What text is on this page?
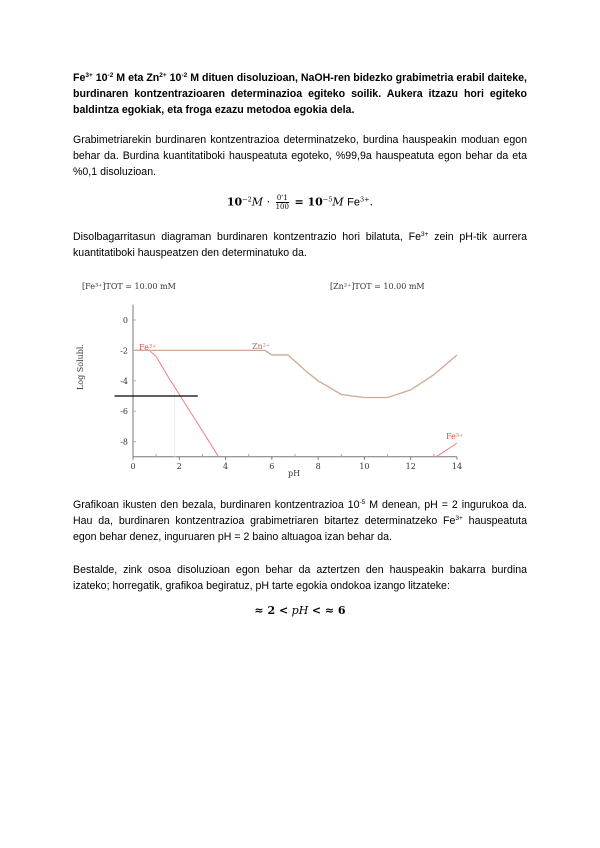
$Fe^{3+}$ $10^{-2}$ M eta $Zn^{2+}$ $10^{-2}$ M dituen disoluzioan, NaOH-ren bidezko grabimetria erabil daiteke, burdinaren kontzentrazioaren determinazioa egiteko soilik. Aukera itzazu hori egiteko baldintza egokiak, eta froga ezazu metodoa egokia dela.
Grabimetriarekin burdinaren kontzentrazioa determinatzeko, burdina hauspeakin moduan egon behar da. Burdina kuantitatiboki hauspeatuta egoteko, %99,9a hauspeatuta egon behar da eta %0,1 disoluzioan.
$10^{-2}M \cdot \frac{0'1}{100} = 10^{-5}M$ $Fe^{3+}$.
Disolbagarritasun diagraman burdinaren kontzentrazio hori bilatuta, $Fe^{3+}$ zein pH-tik aurrera kuantitatiboki hauspeatzen den determinatuko da.
[Fe³⁺]TOT = 10.00 mM	[Zn²⁺]TOT = 10.00 mM
Log Solubl.
pH
0	2	4	6	8	10	12	14
0
-2
-4
-6
-8
Fe³⁺	Zn²⁺
Fe³⁺
Grafikoan ikusten den bezala, burdinaren kontzentrazioa $10^{-5}$ M denean, pH = 2 ingurukoa da. Hau da, burdinaren kontzentrazioa grabimetriaren bitartez determinatzeko $Fe^{3+}$ hauspeatuta egon behar denez, inguruaren pH = 2 baino altuagoa izan behar da.
Bestalde, zink osoa disoluzioan egon behar da aztertzen den hauspeakin bakarra burdina izateko; horregatik, grafikoa begiratuz, pH tarte egokia ondokoa izango litzateke:
≈ 2 < pH < ≈ 6
